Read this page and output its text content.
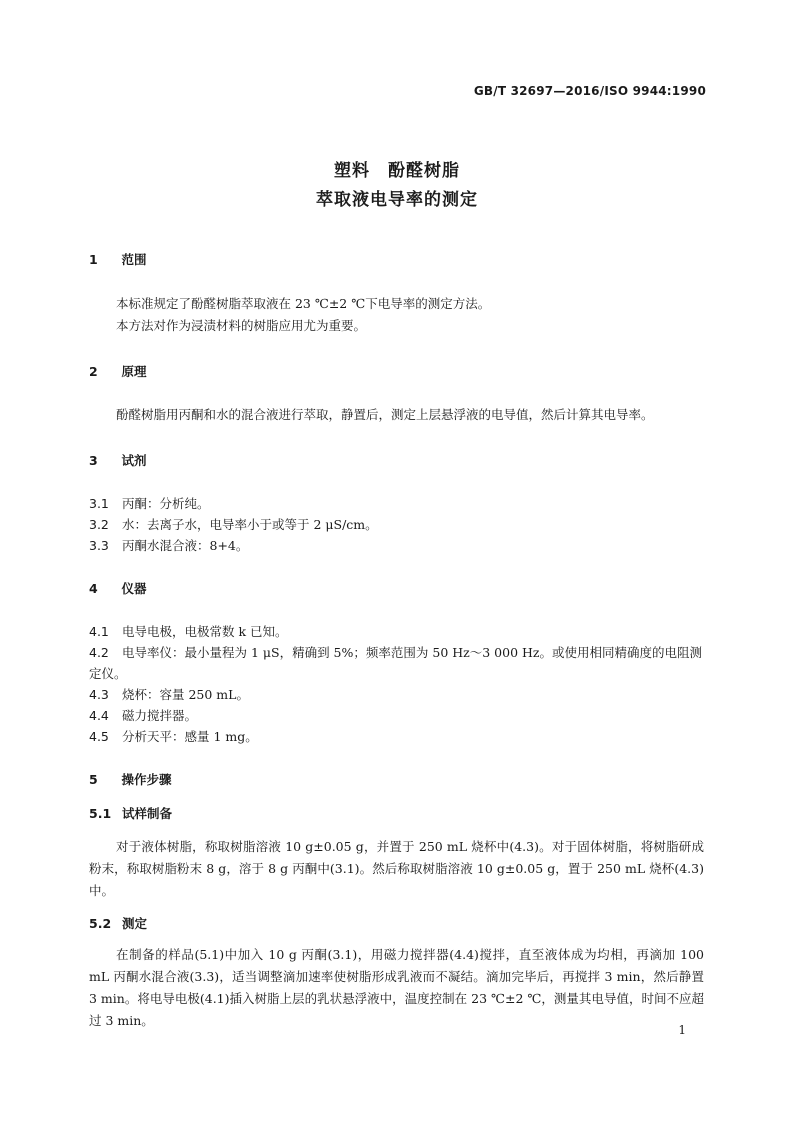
GB/T 32697—2016/ISO 9944:1990
塑料　酚醛树脂
萃取液电导率的测定

1　 范围

本标准规定了酚醛树脂萃取液在 23 ℃±2 ℃下电导率的测定方法。

本方法对作为浸渍材料的树脂应用尤为重要。

2　 原理

酚醛树脂用丙酮和水的混合液进行萃取，静置后，测定上层悬浮液的电导值，然后计算其电导率。

3　 试剂

3.1 丙酮：分析纯。

3.2 水：去离子水，电导率小于或等于 2 μS/cm。

3.3 丙酮水混合液：8+4。

4　 仪器

4.1 电导电极，电极常数 k 已知。

4.2 电导率仪：最小量程为 1 μS，精确到 5%；频率范围为 50 Hz～3 000 Hz。或使用相同精确度的电阻测定仪。

4.3 烧杯：容量 250 mL。

4.4 磁力搅拌器。

4.5 分析天平：感量 1 mg。

5　 操作步骤

5.1 试样制备

对于液体树脂，称取树脂溶液 10 g±0.05 g，并置于 250 mL 烧杯中(4.3)。对于固体树脂，将树脂研成粉末，称取树脂粉末 8 g，溶于 8 g 丙酮中(3.1)。然后称取树脂溶液 10 g±0.05 g，置于 250 mL 烧杯(4.3)中。

5.2 测定

在制备的样品(5.1)中加入 10 g 丙酮(3.1)，用磁力搅拌器(4.4)搅拌，直至液体成为均相，再滴加 100 mL 丙酮水混合液(3.3)，适当调整滴加速率使树脂形成乳液而不凝结。滴加完毕后，再搅拌 3 min，然后静置 3 min。将电导电极(4.1)插入树脂上层的乳状悬浮液中，温度控制在 23 ℃±2 ℃，测量其电导值，时间不应超过 3 min。

1
